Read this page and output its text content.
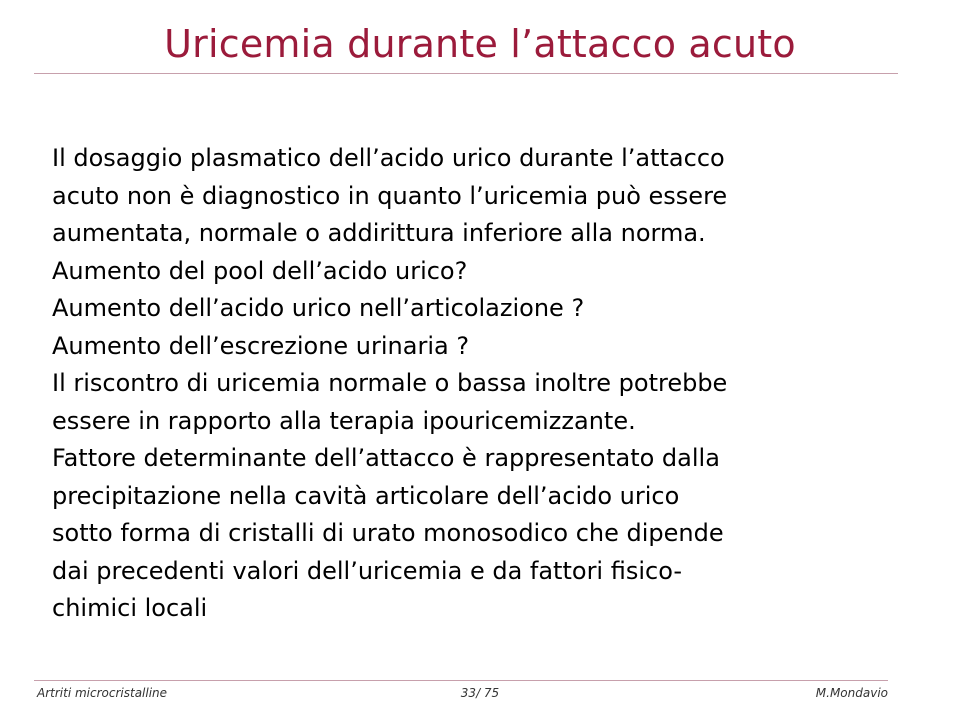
Uricemia durante l’attacco acuto
Il dosaggio plasmatico dell’acido urico durante l’attacco
acuto non è diagnostico in quanto l’uricemia può essere
aumentata, normale o addirittura inferiore alla norma.
Aumento del pool dell’acido urico?
Aumento dell’acido urico nell’articolazione ?
Aumento dell’escrezione urinaria ?
Il riscontro di uricemia normale o bassa inoltre potrebbe
essere in rapporto alla terapia ipouricemizzante.
Fattore determinante dell’attacco è rappresentato dalla
precipitazione nella cavità articolare dell’acido urico
sotto forma di cristalli di urato monosodico che dipende
dai precedenti valori dell’uricemia e da fattori fisico-
chimici locali
Artriti microcristalline	33/ 75	M.Mondavio
